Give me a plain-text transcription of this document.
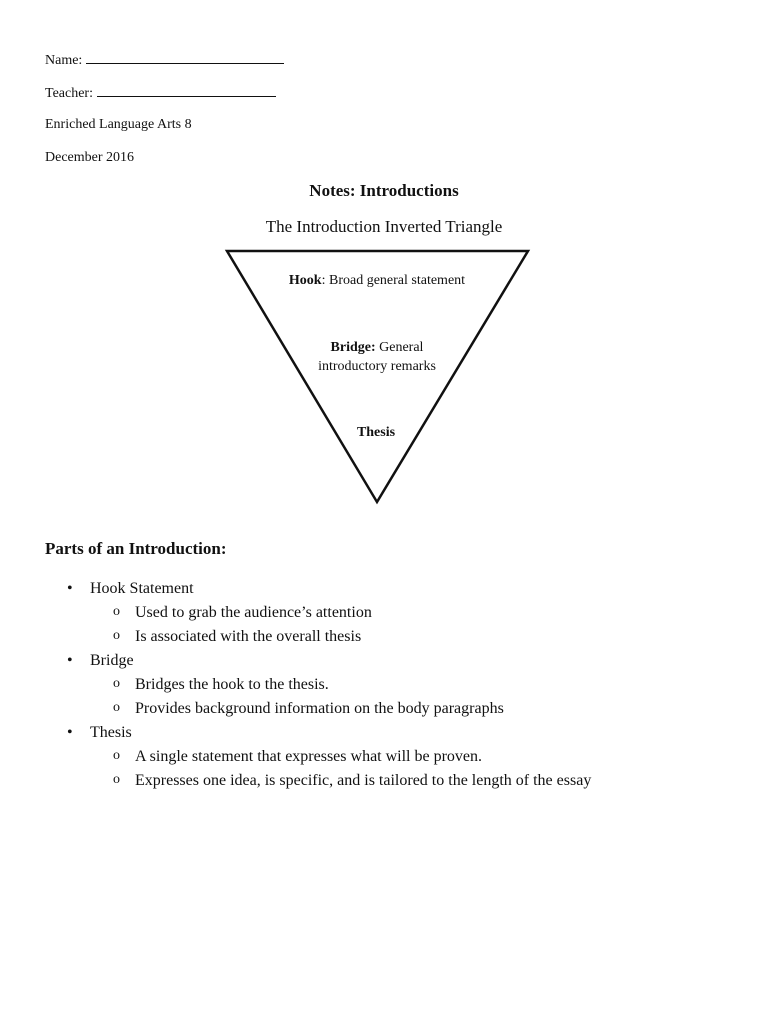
Name:
Teacher:
Enriched Language Arts 8
December 2016
Notes: Introductions
The Introduction Inverted Triangle
Hook: Broad general statement
Bridge: General
introductory remarks
Thesis
Parts of an Introduction:
• Hook Statement
o Used to grab the audience’s attention
o Is associated with the overall thesis
• Bridge
o Bridges the hook to the thesis.
o Provides background information on the body paragraphs
• Thesis
o A single statement that expresses what will be proven.
o Expresses one idea, is specific, and is tailored to the length of the essay
